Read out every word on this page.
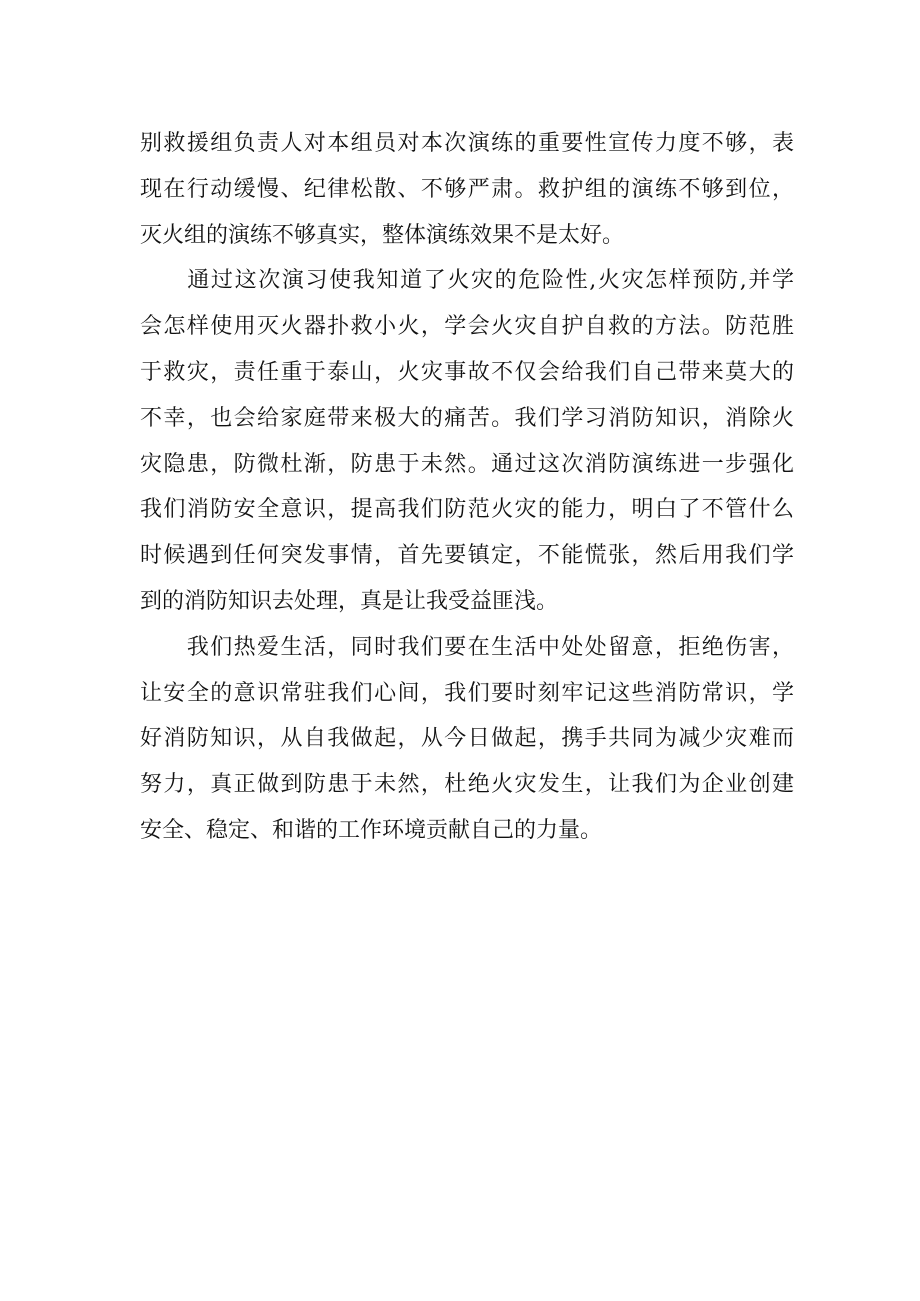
别救援组负责人对本组员对本次演练的重要性宣传力度不够，表
现在行动缓慢、纪律松散、不够严肃。救护组的演练不够到位，
灭火组的演练不够真实，整体演练效果不是太好。

　　通过这次演习使我知道了火灾的危险性,火灾怎样预防,并学
会怎样使用灭火器扑救小火，学会火灾自护自救的方法。防范胜
于救灾，责任重于泰山，火灾事故不仅会给我们自己带来莫大的
不幸，也会给家庭带来极大的痛苦。我们学习消防知识，消除火
灾隐患，防微杜渐，防患于未然。通过这次消防演练进一步强化
我们消防安全意识，提高我们防范火灾的能力，明白了不管什么
时候遇到任何突发事情，首先要镇定，不能慌张，然后用我们学
到的消防知识去处理，真是让我受益匪浅。

　　我们热爱生活，同时我们要在生活中处处留意，拒绝伤害，
让安全的意识常驻我们心间，我们要时刻牢记这些消防常识，学
好消防知识，从自我做起，从今日做起，携手共同为减少灾难而
努力，真正做到防患于未然，杜绝火灾发生，让我们为企业创建
安全、稳定、和谐的工作环境贡献自己的力量。
